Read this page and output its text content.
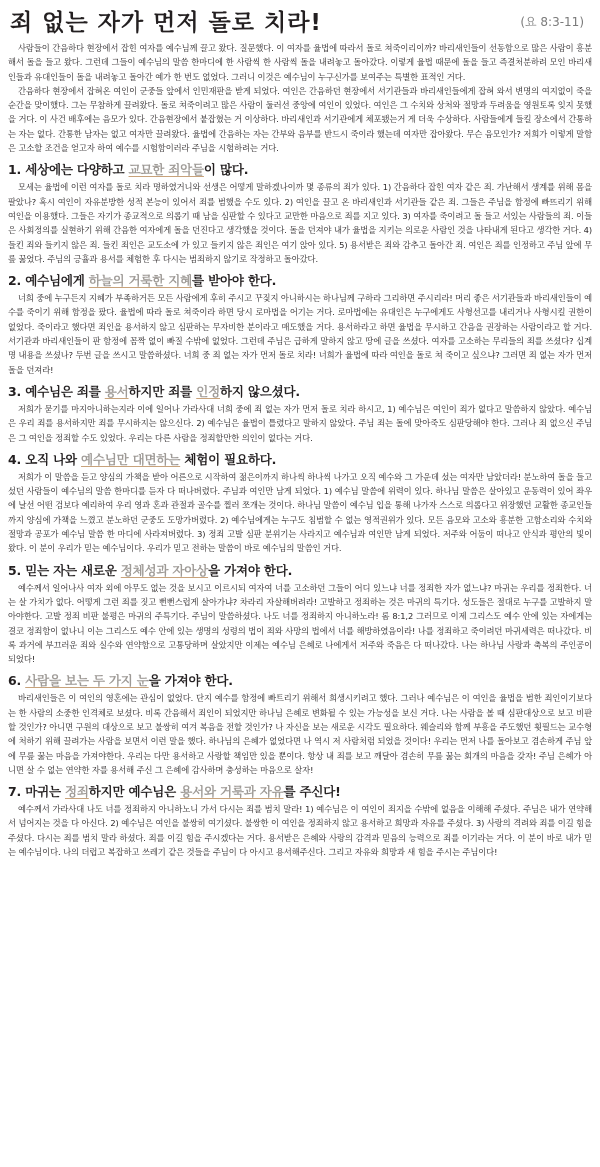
죄 없는 자가 먼저 돌로 치라!	(요 8:3-11)

사람들이 간음하다 현장에서 잡힌 여자를 예수님께 끌고 왔다. 질문했다. 이 여자를 율법에 따라서 돌로 쳐죽이리이까? 바리새인들이 선동함으로 많은 사람이 흥분해서 돌을 들고 왔다. 그런데 그들이 예수님의 말씀 한마디에 한 사람씩 한 사람씩 돌을 내려놓고 돌아갔다. 이렇게 율법 때문에 돌을 들고 즉결처분하려 모인 바리새인들과 유대인들이 돌을 내려놓고 돌아간 예가 한 번도 없었다. 그러니 이것은 예수님이 누구신가를 보여주는 특별한 표적인 거다.

간음하다 현장에서 잡혀온 여인이 군중들 앞에서 인민재판을 받게 되었다. 여인은 간음하던 현장에서 서기관들과 바리새인들에게 잡혀 와서 변명의 여지없이 죽을 순간을 맞이했다. 그는 무참하게 끌려왔다. 돌로 쳐죽이려고 많은 사람이 둘러선 중앙에 여인이 있었다. 여인은 그 수치와 상처와 절망과 두려움을 영원토록 잊지 못했을 거다. 이 사건 배후에는 음모가 있다. 간음현장에서 붙잡혔는 거 이상하다. 바리새인과 서기관에게 체포됐는거 게 더욱 수상하다. 사람들에게 들킬 장소에서 간통하는 자는 없다. 간통한 남자는 없고 여자만 끌려왔다. 율법에 간음하는 자는 간부와 음부를 반드시 죽이라 했는데 여자만 잡아왔다. 무슨 음모인가? 저희가 이렇게 말함은 고소할 조건을 얻고자 하여 예수를 시험함이러라 주님을 시험하려는 거다.

1. 세상에는 다양하고 교묘한 죄악들이 많다.

모세는 율법에 이런 여자를 돌로 치라 명하였거니와 선생은 어떻게 말하겠나이까 몇 종류의 죄가 있다. 1) 간음하다 잡힌 여자 같은 죄. 가난해서 생계를 위해 몸을 팔았나? 혹시 여인이 자유분방한 성적 본능이 있어서 죄를 범했을 수도 있다. 2) 여인을 끌고 온 바리새인과 서기관들 같은 죄. 그들은 주님을 함정에 빠뜨리기 위해 여인을 이용했다. 그들은 자기가 종교적으로 의롭기 때 남을 심판할 수 있다고 교만한 마음으로 죄를 지고 있다. 3) 여자를 죽이려고 돌 들고 서있는 사람들의 죄. 이들은 사회정의를 실현하기 위해 간음한 여자에게 돌을 던진다고 생각했을 것이다. 돌을 던져야 내가 율법을 지키는 의로운 사람인 것을 나타내게 된다고 생각한 거다. 4) 들킨 죄와 들키지 않은 죄. 들킨 죄인은 교도소에 가 있고 들키지 않은 죄인은 여기 앉아 있다. 5) 용서받은 죄와 감추고 돌아간 죄. 여인은 죄를 인정하고 주님 앞에 무릎 꿇었다. 주님의 긍휼과 용서를 체험한 후 다시는 범죄하지 않기로 작정하고 돌아갔다.

2. 예수님에게 하늘의 거룩한 지혜를 받아야 한다.

너희 중에 누구든지 지혜가 부족하거든 모든 사람에게 후히 주시고 꾸짖지 아니하시는 하나님께 구하라 그리하면 주시리라! 머리 좋은 서기관들과 바리새인들이 예수를 죽이기 위해 함정을 팠다. 율법에 따라 돌로 쳐죽이라 하면 당시 로마법을 어기는 거다. 로마법에는 유대인은 누구에게도 사형선고를 내리거나 사형시킬 권한이 없었다. 죽이라고 했다면 죄인을 용서하지 않고 심판하는 무자비한 분이라고 매도했을 거다. 용서하라고 하면 율법을 무시하고 간음을 권장하는 사람이라고 할 거다. 서기관과 바리새인들이 판 함정에 꼼짝 없이 빠질 수밖에 없었다. 그런데 주님은 급하게 말하지 않고 땅에 글을 쓰셨다. 여자를 고소하는 무리들의 죄를 쓰셨다? 십계명 내용을 쓰셨나? 두번 글을 쓰시고 말씀하셨다. 너희 중 죄 없는 자가 먼저 돌로 치라! 너희가 율법에 따라 여인을 돌로 쳐 죽이고 싶으냐? 그러면 죄 없는 자가 먼저 돌을 던져라!

3. 예수님은 죄를 용서하지만 죄를 인정하지 않으셨다.

저희가 묻기를 마지아니하는지라 이에 일어나 가라사대 너희 중에 죄 없는 자가 먼저 돌로 치라 하시고, 1) 예수님은 여인이 죄가 없다고 말씀하지 않았다. 예수님은 우리 죄를 용서하지만 죄를 무시하지는 않으신다. 2) 예수님은 율법이 틀렸다고 말하지 않았다. 주님 죄는 돌에 맞아죽도 심판당해야 한다. 그러나 죄 없으신 주님은 그 여인을 정죄할 수도 있었다. 우리는 다른 사람을 정죄할만한 의인이 없다는 거다.

4. 오직 나와 예수님만 대면하는 체험이 필요하다.

저희가 이 말씀을 듣고 양심의 가책을 받아 어른으로 시작하여 젊은이까지 하나씩 하나씩 나가고 오직 예수와 그 가운데 섰는 여자만 남았더라! 분노하여 돌을 들고 섰던 사람들이 예수님의 말씀 한마디를 듣자 다 떠나버렸다. 주님과 여인만 남게 되었다. 1) 예수님 말씀에 위력이 있다. 하나님 말씀은 살아있고 운동력이 있어 좌우에 날선 어떤 검보다 예리하여 우리 영과 혼과 관절과 골수를 찔러 쪼개는 것이다. 하나님 말씀이 예수님 입을 통해 나가자 스스로 의롭다고 위장했던 교활한 종교인들까지 양심에 가책을 느꼈고 분노하던 군중도 도망가버렸다. 2) 예수님에게는 누구도 침범할 수 없는 영적권위가 있다. 모든 음모와 고소와 흥분한 고함소리와 수치와 절망과 공포가 예수님 말씀 한 마디에 사라져버렸다. 3) 정죄 고발 심판 분위기는 사라지고 예수님과 여인만 남게 되었다. 저주와 어둠이 떠나고 안식과 평안의 빛이 왔다. 이 분이 우리가 믿는 예수님이다. 우리가 믿고 전하는 말씀이 바로 예수님의 말씀인 거다.

5. 믿는 자는 새로운 정체성과 자아상을 가져야 한다.

예수께서 일어나사 여자 외에 아무도 없는 것을 보시고 이르시되 여자여 너를 고소하던 그들이 어디 있느냐 너를 정죄한 자가 없느냐? 마귀는 우리를 정죄한다. 너는 살 가치가 없다. 어떻게 그런 죄를 짓고 뻔뻔스럽게 살아가냐? 차라리 자살해버려라! 고발하고 정죄하는 것은 마귀의 특기다. 성도들은 절대로 누구를 고발하지 말아야한다. 고발 정죄 비판 불평은 마귀의 주특기다. 주님이 말씀하셨다. 나도 너를 정죄하지 아니하노라! 롬 8:1,2 그러므로 이제 그리스도 예수 안에 있는 자에게는 결코 정죄함이 없나니 이는 그리스도 예수 안에 있는 생명의 성령의 법이 죄와 사망의 법에서 너를 해방하였음이라! 나를 정죄하고 죽이려던 마귀세력은 떠나갔다. 비록 과거에 부끄러운 죄와 실수와 연약함으로 고통당하며 살았지만 이제는 예수님 은혜로 나에게서 저주와 죽음은 다 떠나갔다. 나는 하나님 사랑과 축복의 주인공이 되었다!

6. 사람을 보는 두 가지 눈을 가져야 한다.

바리새인들은 이 여인의 영혼에는 관심이 없었다. 단지 예수를 함정에 빠트리기 위해서 희생시키려고 했다. 그러나 예수님은 이 여인을 율법을 범한 죄인이기보다는 한 사람의 소중한 인격체로 보셨다. 비록 간음해서 죄인이 되었지만 하나님 은혜로 변화될 수 있는 가능성을 보신 거다. 나는 사람을 볼 때 심판대상으로 보고 비판할 것인가? 아니면 구원의 대상으로 보고 불쌍히 여겨 복음을 전할 것인가? 나 자신을 보는 새로운 시각도 필요하다. 웨슬리와 함께 부흥을 주도했던 휫필드는 교수형에 처하기 위해 끌려가는 사람을 보면서 이런 말을 했다. 하나님의 은혜가 없었다면 나 역시 저 사람처럼 되었을 것이다! 우리는 먼저 나를 돌아보고 겸손하게 주님 앞에 무릎 꿇는 마음을 가져야한다. 우리는 다만 용서하고 사랑할 책임만 있을 뿐이다. 항상 내 죄를 보고 깨달아 겸손히 무릎 꿇는 회개의 마음을 갖자! 주님 은혜가 아니면 살 수 없는 연약한 자를 용서해 주신 그 은혜에 감사하며 충성하는 마음으로 살자!

7. 마귀는 정죄하지만 예수님은 용서와 거룩과 자유를 주신다!

예수께서 가라사대 나도 너를 정죄하지 아니하노니 가서 다시는 죄를 범치 말라! 1) 예수님은 이 여인이 죄지을 수밖에 없음을 이해해 주셨다. 주님은 내가 연약해서 넘어지는 것을 다 아신다. 2) 예수님은 여인을 불쌍히 여기셨다. 불쌍한 이 여인을 정죄하지 않고 용서하고 희망과 자유를 주셨다. 3) 사랑의 격려와 죄를 이길 힘을 주셨다. 다시는 죄를 범치 말라 하셨다. 죄를 이길 힘을 주시겠다는 거다. 용서받은 은혜와 사랑의 감격과 믿음의 능력으로 죄를 이기라는 거다. 이 분이 바로 내가 믿는 예수님이다. 나의 더럽고 복잡하고 쓰레기 같은 것들을 주님이 다 아시고 용서해주신다. 그리고 자유와 희망과 새 힘을 주시는 주님이다!
